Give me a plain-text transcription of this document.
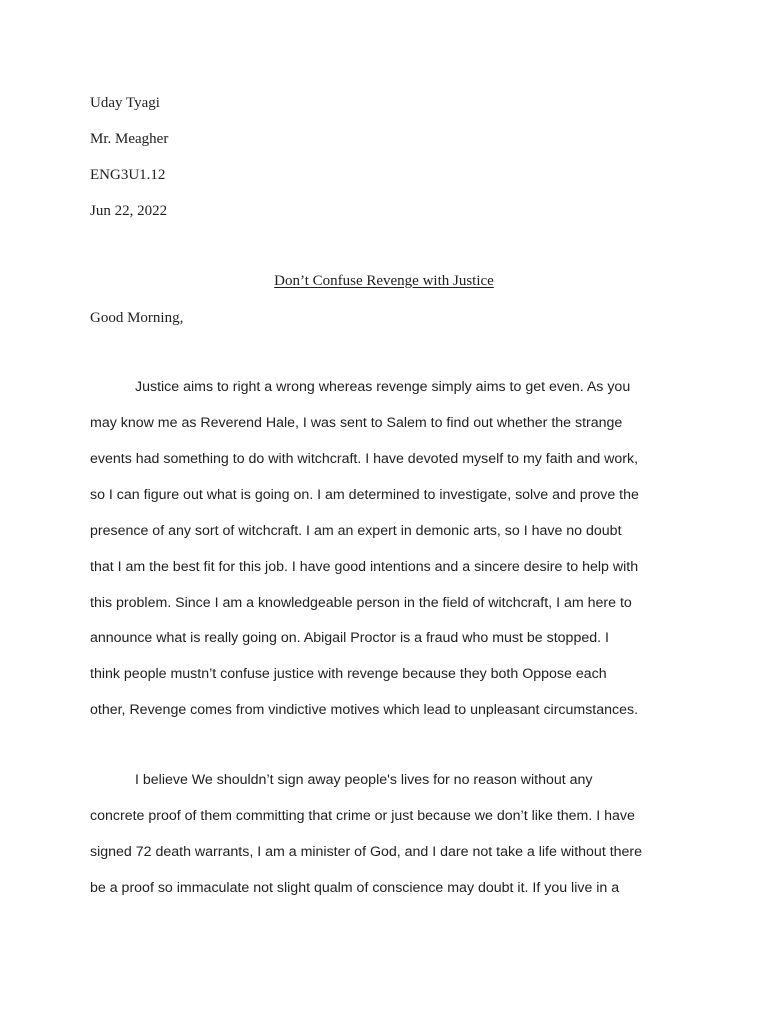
Uday Tyagi
Mr. Meagher
ENG3U1.12
Jun 22, 2022
Don’t Confuse Revenge with Justice
Good Morning,
Justice aims to right a wrong whereas revenge simply aims to get even. As you
may know me as Reverend Hale, I was sent to Salem to find out whether the strange
events had something to do with witchcraft. I have devoted myself to my faith and work,
so I can figure out what is going on. I am determined to investigate, solve and prove the
presence of any sort of witchcraft. I am an expert in demonic arts, so I have no doubt
that I am the best fit for this job. I have good intentions and a sincere desire to help with
this problem. Since I am a knowledgeable person in the field of witchcraft, I am here to
announce what is really going on. Abigail Proctor is a fraud who must be stopped. I
think people mustn’t confuse justice with revenge because they both Oppose each
other, Revenge comes from vindictive motives which lead to unpleasant circumstances.
I believe We shouldn’t sign away people's lives for no reason without any
concrete proof of them committing that crime or just because we don’t like them. I have
signed 72 death warrants, I am a minister of God, and I dare not take a life without there
be a proof so immaculate not slight qualm of conscience may doubt it. If you live in a
